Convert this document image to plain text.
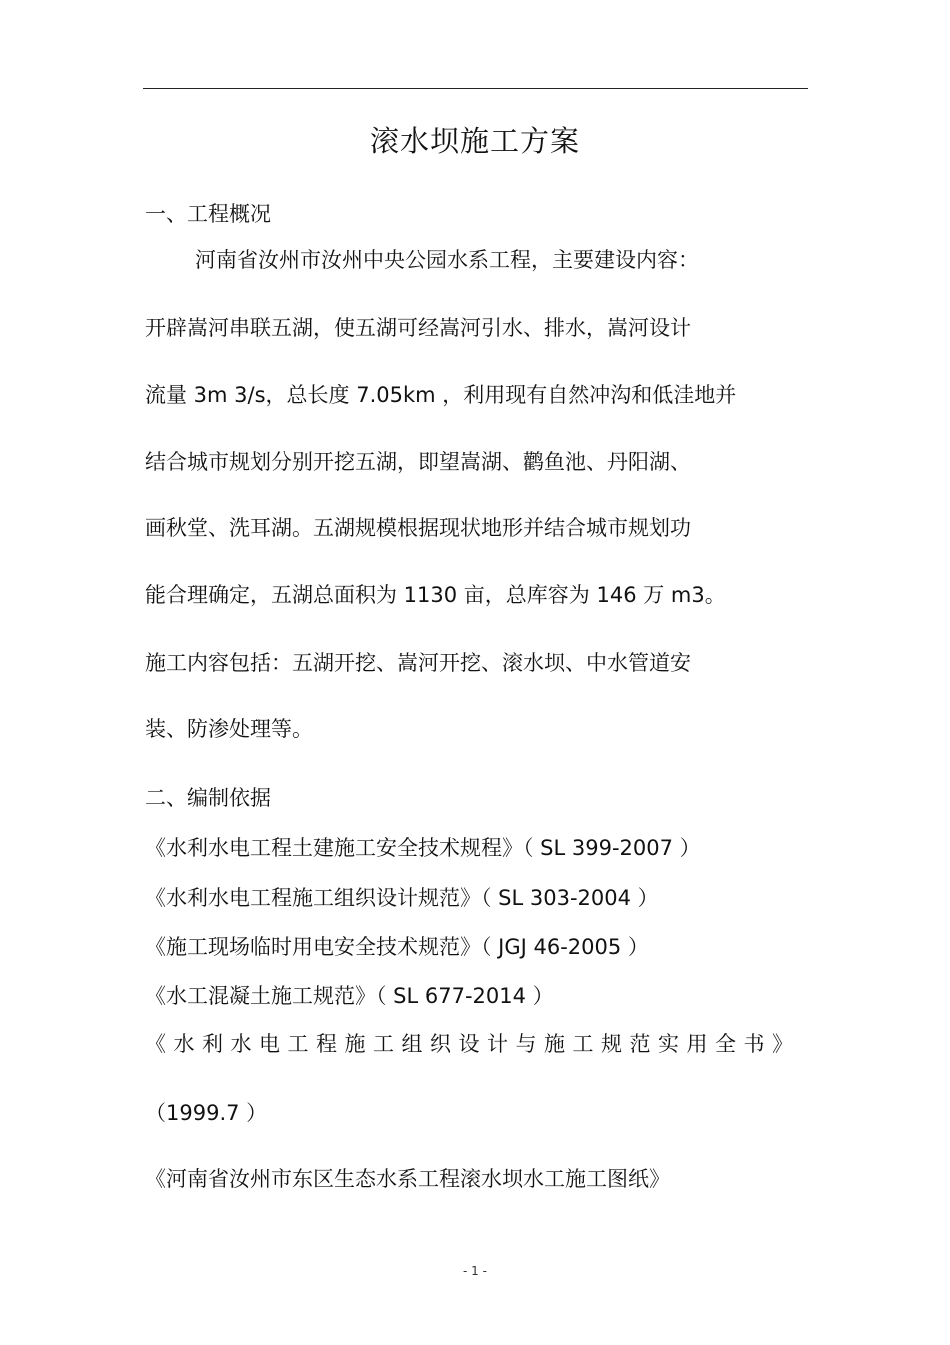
滚水坝施工方案
一、工程概况
河南省汝州市汝州中央公园水系工程，主要建设内容：
开辟嵩河串联五湖，使五湖可经嵩河引水、排水，嵩河设计
流量 3m 3/s，总长度 7.05km ，利用现有自然冲沟和低洼地并
结合城市规划分别开挖五湖，即望嵩湖、鹳鱼池、丹阳湖、
画秋堂、洗耳湖。五湖规模根据现状地形并结合城市规划功
能合理确定，五湖总面积为 1130 亩，总库容为 146 万 m3。
施工内容包括：五湖开挖、嵩河开挖、滚水坝、中水管道安
装、防渗处理等。
二、编制依据
《水利水电工程土建施工安全技术规程》（ SL 399-2007 ）
《水利水电工程施工组织设计规范》（ SL 303-2004 ）
《施工现场临时用电安全技术规范》（ JGJ 46-2005 ）
《水工混凝土施工规范》（ SL 677-2014 ）
《水利水电工程施工组织设计与施工规范实用全书》
（1999.7 ）
《河南省汝州市东区生态水系工程滚水坝水工施工图纸》
- 1 -
